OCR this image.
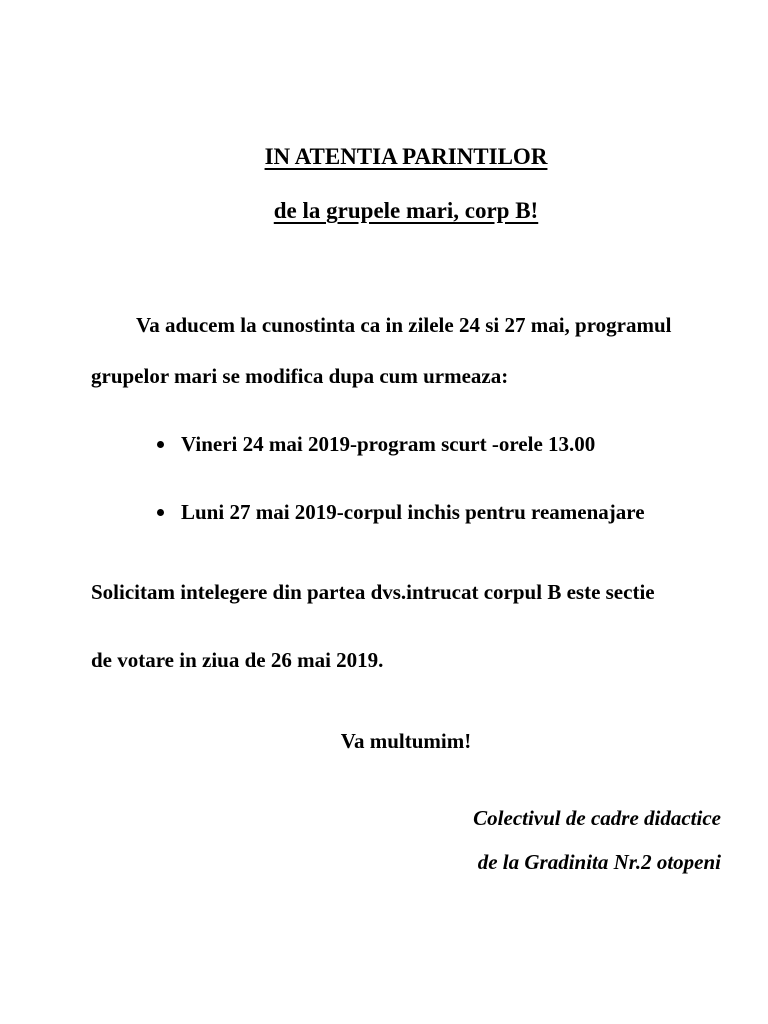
IN ATENTIA PARINTILOR
de la grupele mari, corp B!

Va aducem la cunostinta ca in zilele 24 si 27 mai, programul

grupelor mari se modifica dupa cum urmeaza:

Vineri 24 mai 2019-program scurt -orele 13.00

Luni 27 mai 2019-corpul inchis pentru reamenajare

Solicitam intelegere din partea dvs.intrucat corpul B este sectie

de votare in ziua de 26 mai 2019.

Va multumim!

Colectivul de cadre didactice

de la Gradinita Nr.2 otopeni
